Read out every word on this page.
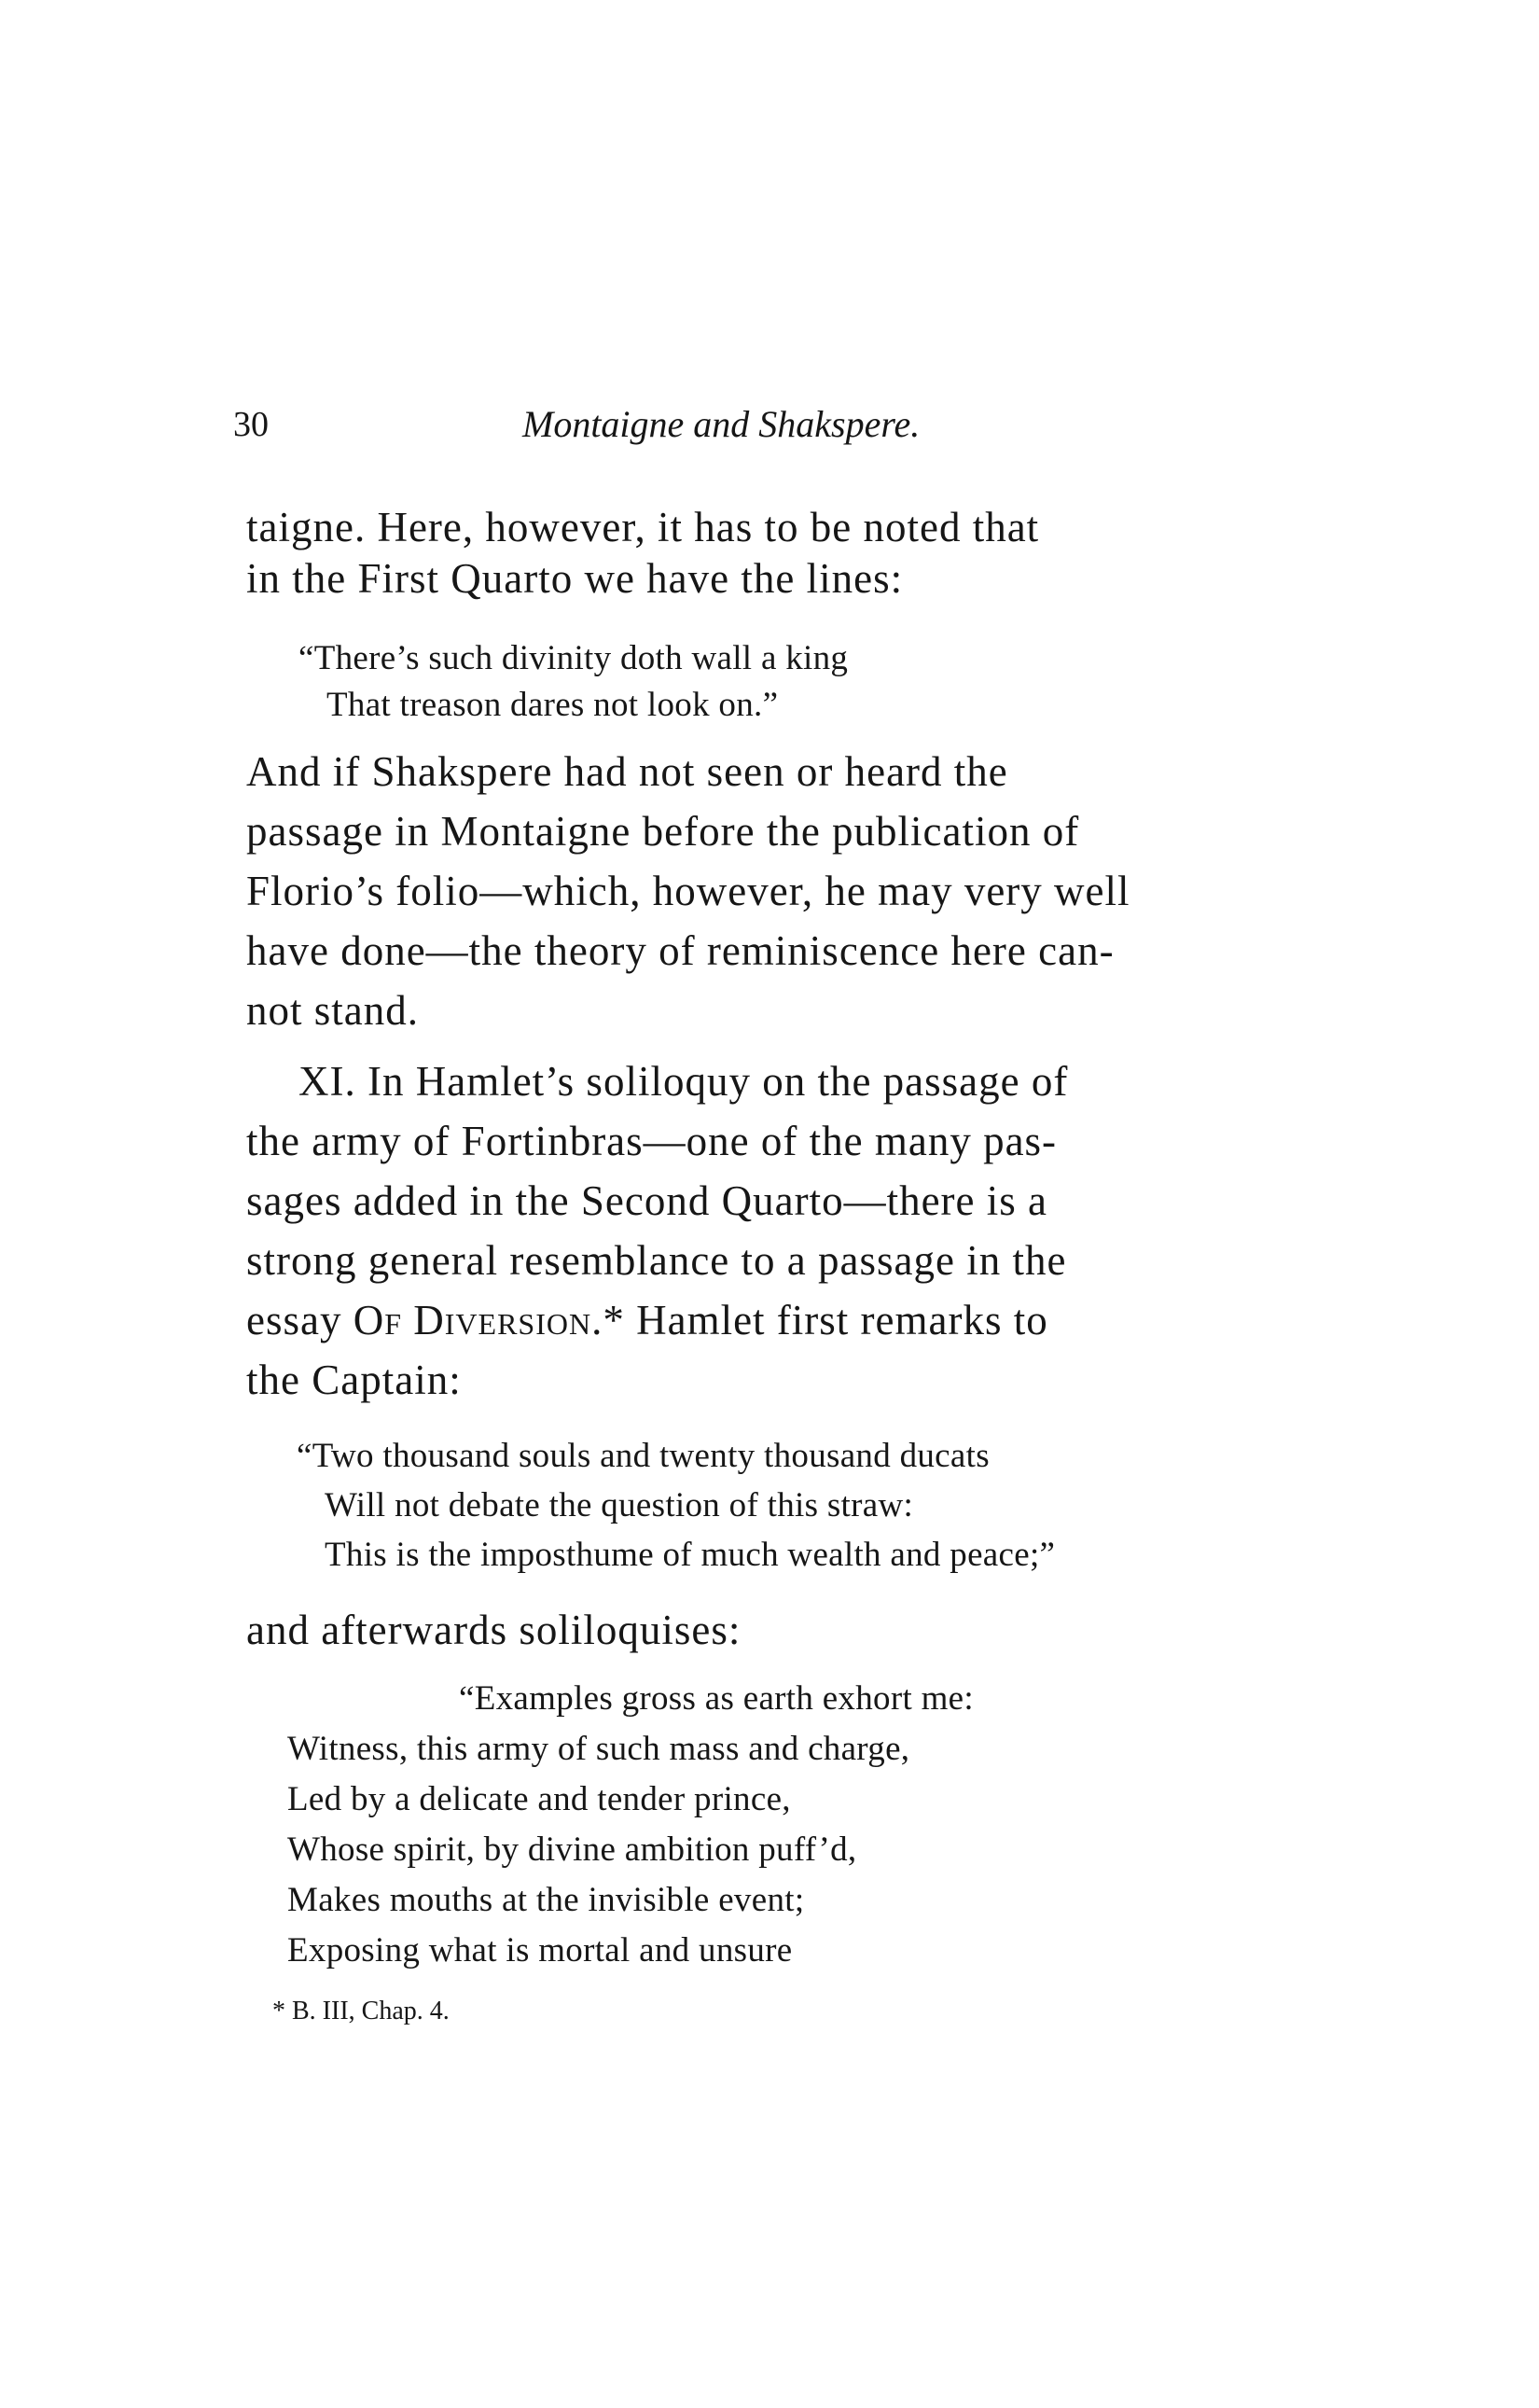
30	Montaigne and Shakspere.
taigne. Here, however, it has to be noted that
in the First Quarto we have the lines:
“There’s such divinity doth wall a king
That treason dares not look on.”
And if Shakspere had not seen or heard the
passage in Montaigne before the publication of
Florio’s folio—which, however, he may very well
have done—the theory of reminiscence here can-
not stand.
XI. In Hamlet’s soliloquy on the passage of
the army of Fortinbras—one of the many pas-
sages added in the Second Quarto—there is a
strong general resemblance to a passage in the
essay Of Diversion.* Hamlet first remarks to
the Captain:
“Two thousand souls and twenty thousand ducats
Will not debate the question of this straw:
This is the imposthume of much wealth and peace;”
and afterwards soliloquises:
“Examples gross as earth exhort me:
Witness, this army of such mass and charge,
Led by a delicate and tender prince,
Whose spirit, by divine ambition puff’d,
Makes mouths at the invisible event;
Exposing what is mortal and unsure
* B. III, Chap. 4.
